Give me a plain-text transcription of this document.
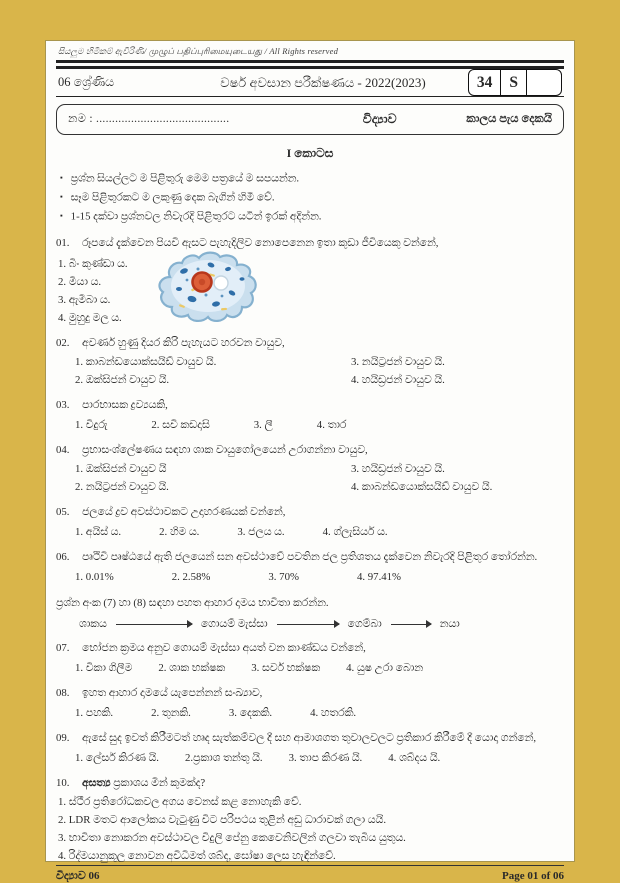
සියලුම හිමිකම් ඇවිරිණි/ முழுப் பதிப்புரிமையுடையது / All Rights reserved
06 ශ්‍රේණිය	වර්ෂ අවසාන පරීක්ෂණය - 2022(2023)	34	S
නම : ..........................................	විද්‍යාව	කාලය පැය දෙකයි
I කොටස
▪ ප්‍රශ්න සියල්ලට ම පිළිතුරු මෙම පත්‍රයේ ම සපයන්න.
▪ සෑම පිළිතුරකට ම ලකුණු දෙක බැගින් හිමි වේ.
▪ 1-15 දක්වා ප්‍රශ්නවල නිවැරදි පිළිතුරට යටින් ඉරක් අදින්න.
01.	රූපයේ දැක්වෙන පියවි ඇසට පැහැදිලිව නොපෙනෙන ඉතා කුඩා ජීවියෙකු වන්නේ,
1. බිං කුණ්ඩා ය.
2. මීයා ය.
3. ඇමීබා ය.
4. මුහුදු මල ය.
02.	අවර්ණ හුණු දියර කිරි පැහැයට හරවන වායුව,
1. කාබන්ඩයොක්සයිඩ් වායුව යි.	3. නයිට්‍රජන් වායුව යි.
2. ඔක්සිජන් වායුව යි.	4. හයිඩ්‍රජන් වායුව යි.
03.	පාරභාසක ද්‍රව්‍යයකි,
1. වීදුරු	2. සවි කඩදාසි	3. ලී	4. තාර
04.	ප්‍රභාසංශ්ලේෂණය සඳහා ශාක වායුගෝලයෙන් උරාගන්නා වායුව,
1. ඔක්සිජන් වායුව යි	3. හයිඩ්‍රජන් වායුව යි.
2. නයිට්‍රජන් වායුව යි.	4. කාබන්ඩයොක්සයිඩ් වායුව යි.
05.	ජලයේ ද්‍රව අවස්ථාවකට උදාහරණයක් වන්නේ,
1. අයිස් ය.	2. හිම ය.	3. ජලය ය.	4. ග්ලැසියර් ය.
06.	පෘථිවි පෘෂ්ඨයේ ඇති ජලයෙන් ඝන අවස්ථාවේ පවතින ජල ප්‍රතිශතය දැක්වෙන නිවැරදි පිළිතුර තෝරන්න.
1. 0.01%	2. 2.58%	3. 70%	4. 97.41%
ප්‍රශ්න අංක (7) හා (8) සඳහා පහත ආහාර දාමය භාවිතා කරන්න.
ශාකය	ගොයම් මැස්සා	ගෙම්බා	නයා
07.	භෝජන ක්‍රමය අනුව ගොයම් මැස්සා අයත් වන කාණ්ඩය වන්නේ,
1. විකා ගිලීම 2. ශාක භක්ෂක 3. සර්ව භක්ෂක 4. යුෂ උරා බොන
08.	ඉහත ආහාර දාමයේ යැපෙන්නන් සංඛ්‍යාව,
1. පහකි.	2. තුනකි.	3. දෙකකි.	4. හතරකි.
09.	ඇසේ සුද ඉවත් කිරීමටත් හෘද සැත්කම්වල දී සහ ආමාශගත තුවාලවලට ප්‍රතිකාර කිරීමේ දී යොදා ගන්නේ,
1. ලේසර් කිරණ යි. 2.ප්‍රකාශ තන්තු යි. 3. තාප කිරණ යි. 4. ශබ්දය යි.
10.	අසත්‍ය ප්‍රකාශය මින් කුමක්ද?
1. ස්ථීර ප්‍රතිරෝධකවල අගය වෙනස් කළ නොහැකි වේ.
2. LDR මතට ආලෝකය වැටුණු විට පරිපථය තුළින් අඩු ධාරාවක් ගලා යයි.
3. භාවිතා නොකරන අවස්ථාවල විදුලි පේනු කෙවෙනිවලින් ගලවා තැබිය යුතුය.
4. රිද්මයානුකූල නොවන අවිධිමත් ශබ්ද, ඝෝෂා ලෙස හැඳින්වේ.
විද්‍යාව 06	Page 01 of 06
